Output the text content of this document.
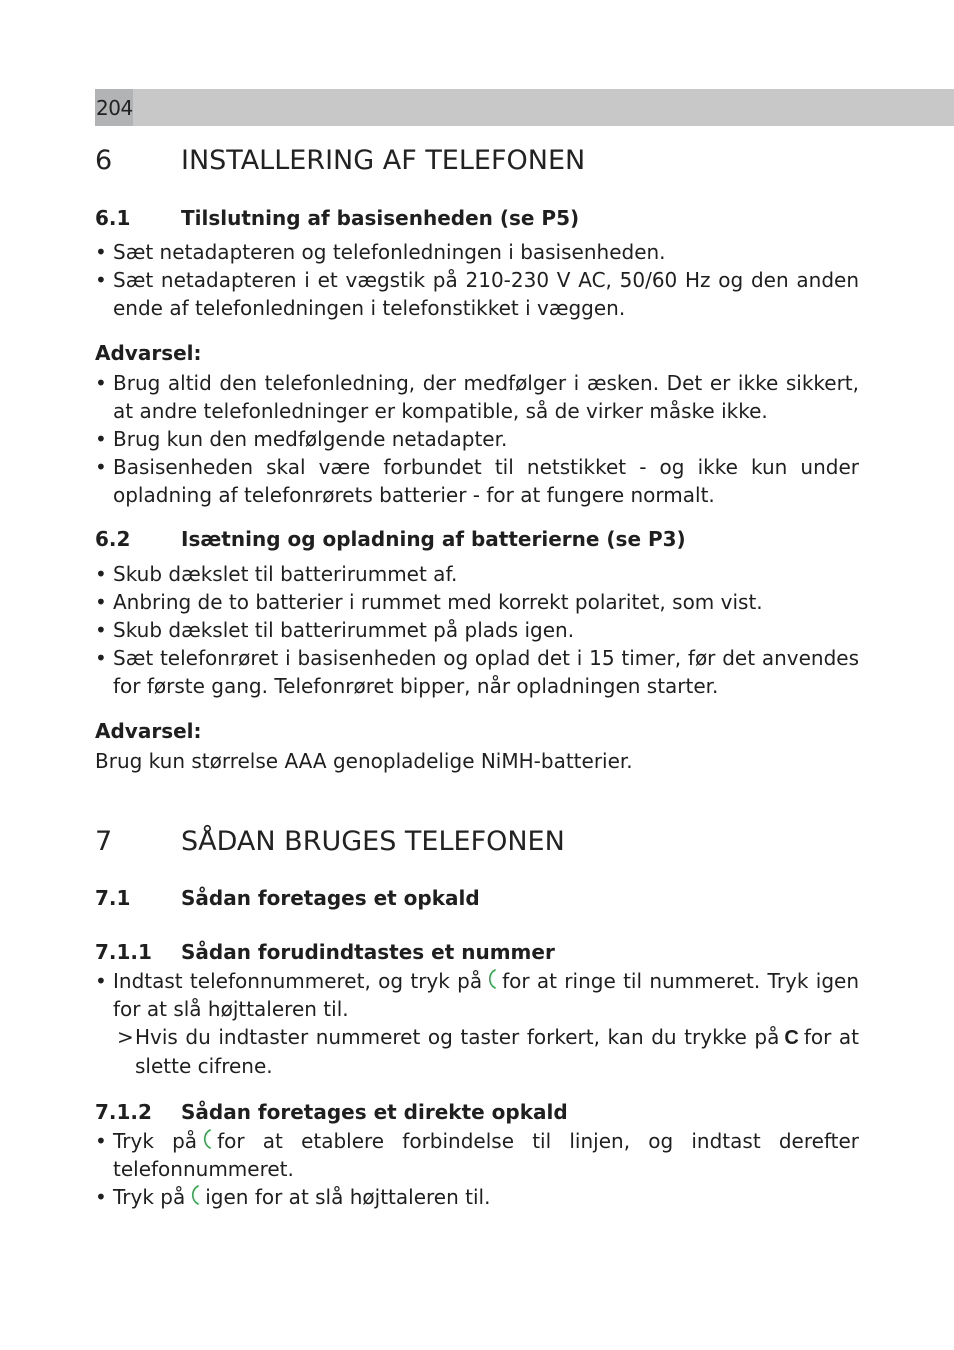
204
6	INSTALLERING AF TELEFONEN
6.1	Tilslutning af basisenheden (se P5)
• Sæt netadapteren og telefonledningen i basisenheden.
• Sæt netadapteren i et vægstik på 210-230 V AC, 50/60 Hz og den anden ende af telefonledningen i telefonstikket i væggen.
Advarsel:
• Brug altid den telefonledning, der medfølger i æsken. Det er ikke sikkert, at andre telefonledninger er kompatible, så de virker måske ikke.
• Brug kun den medfølgende netadapter.
• Basisenheden skal være forbundet til netstikket - og ikke kun under opladning af telefonrørets batterier - for at fungere normalt.
6.2	Isætning og opladning af batterierne (se P3)
• Skub dækslet til batterirummet af.
• Anbring de to batterier i rummet med korrekt polaritet, som vist.
• Skub dækslet til batterirummet på plads igen.
• Sæt telefonrøret i basisenheden og oplad det i 15 timer, før det anvendes for første gang. Telefonrøret bipper, når opladningen starter.
Advarsel:
Brug kun størrelse AAA genopladelige NiMH-batterier.
7	SÅDAN BRUGES TELEFONEN
7.1	Sådan foretages et opkald
7.1.1 Sådan forudindtastes et nummer
• Indtast telefonnummeret, og tryk på for at ringe til nummeret. Tryk igen for at slå højttaleren til.
> Hvis du indtaster nummeret og taster forkert, kan du trykke på C for at slette cifrene.
7.1.2 Sådan foretages et direkte opkald
• Tryk på for at etablere forbindelse til linjen, og indtast derefter telefonnummeret.
• Tryk på igen for at slå højttaleren til.
